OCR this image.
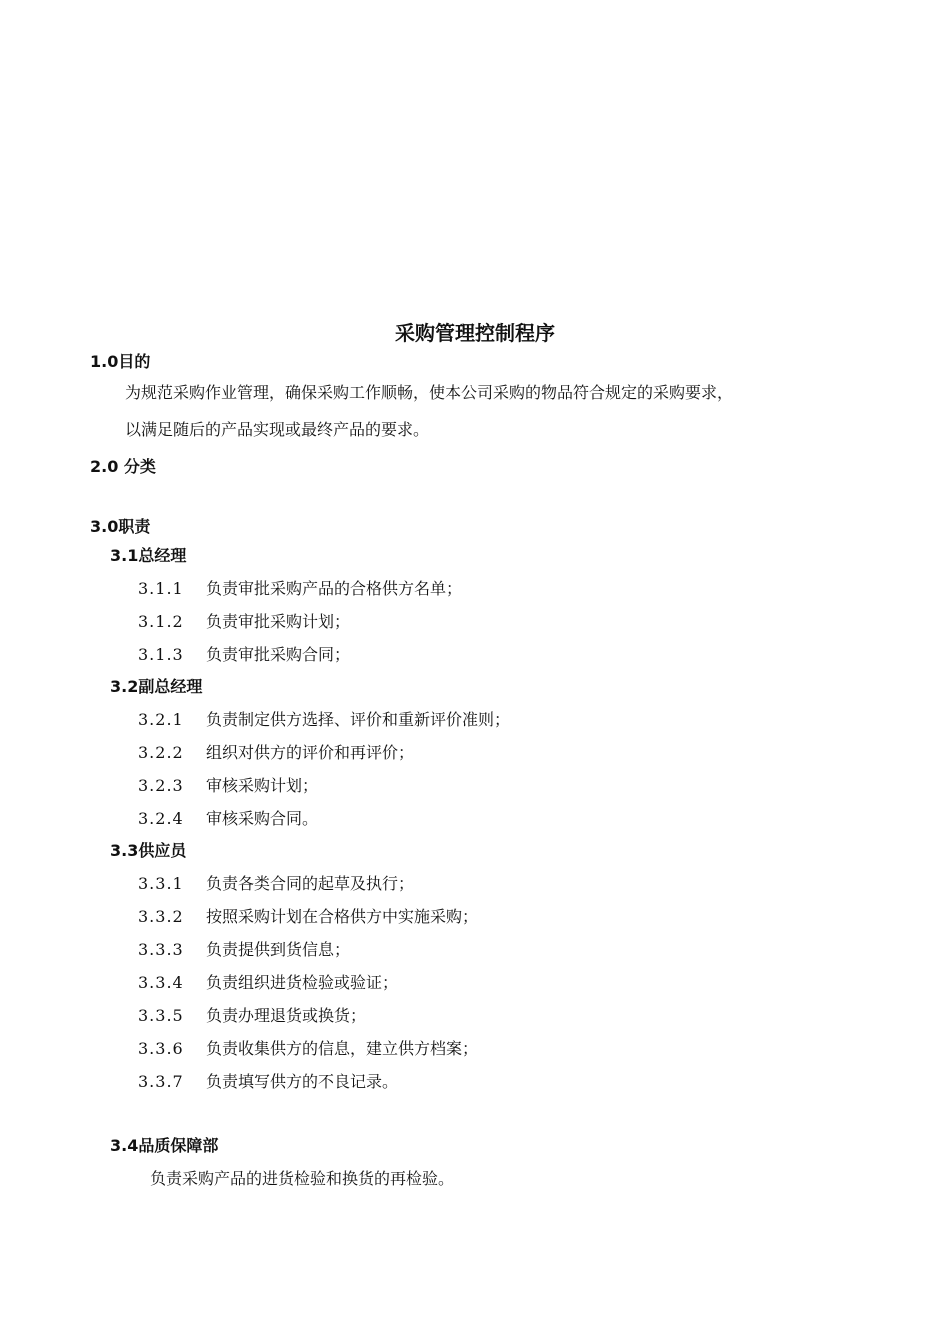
采购管理控制程序
1.0目的
为规范采购作业管理，确保采购工作顺畅，使本公司采购的物品符合规定的采购要求，
以满足随后的产品实现或最终产品的要求。
2.0 分类
3.0职责
3.1总经理
3.1.1 负责审批采购产品的合格供方名单；
3.1.2 负责审批采购计划；
3.1.3 负责审批采购合同；
3.2副总经理
3.2.1 负责制定供方选择、评价和重新评价准则；
3.2.2 组织对供方的评价和再评价；
3.2.3 审核采购计划；
3.2.4 审核采购合同。
3.3供应员
3.3.1 负责各类合同的起草及执行；
3.3.2 按照采购计划在合格供方中实施采购；
3.3.3 负责提供到货信息；
3.3.4 负责组织进货检验或验证；
3.3.5 负责办理退货或换货；
3.3.6 负责收集供方的信息，建立供方档案；
3.3.7 负责填写供方的不良记录。
3.4品质保障部
负责采购产品的进货检验和换货的再检验。
